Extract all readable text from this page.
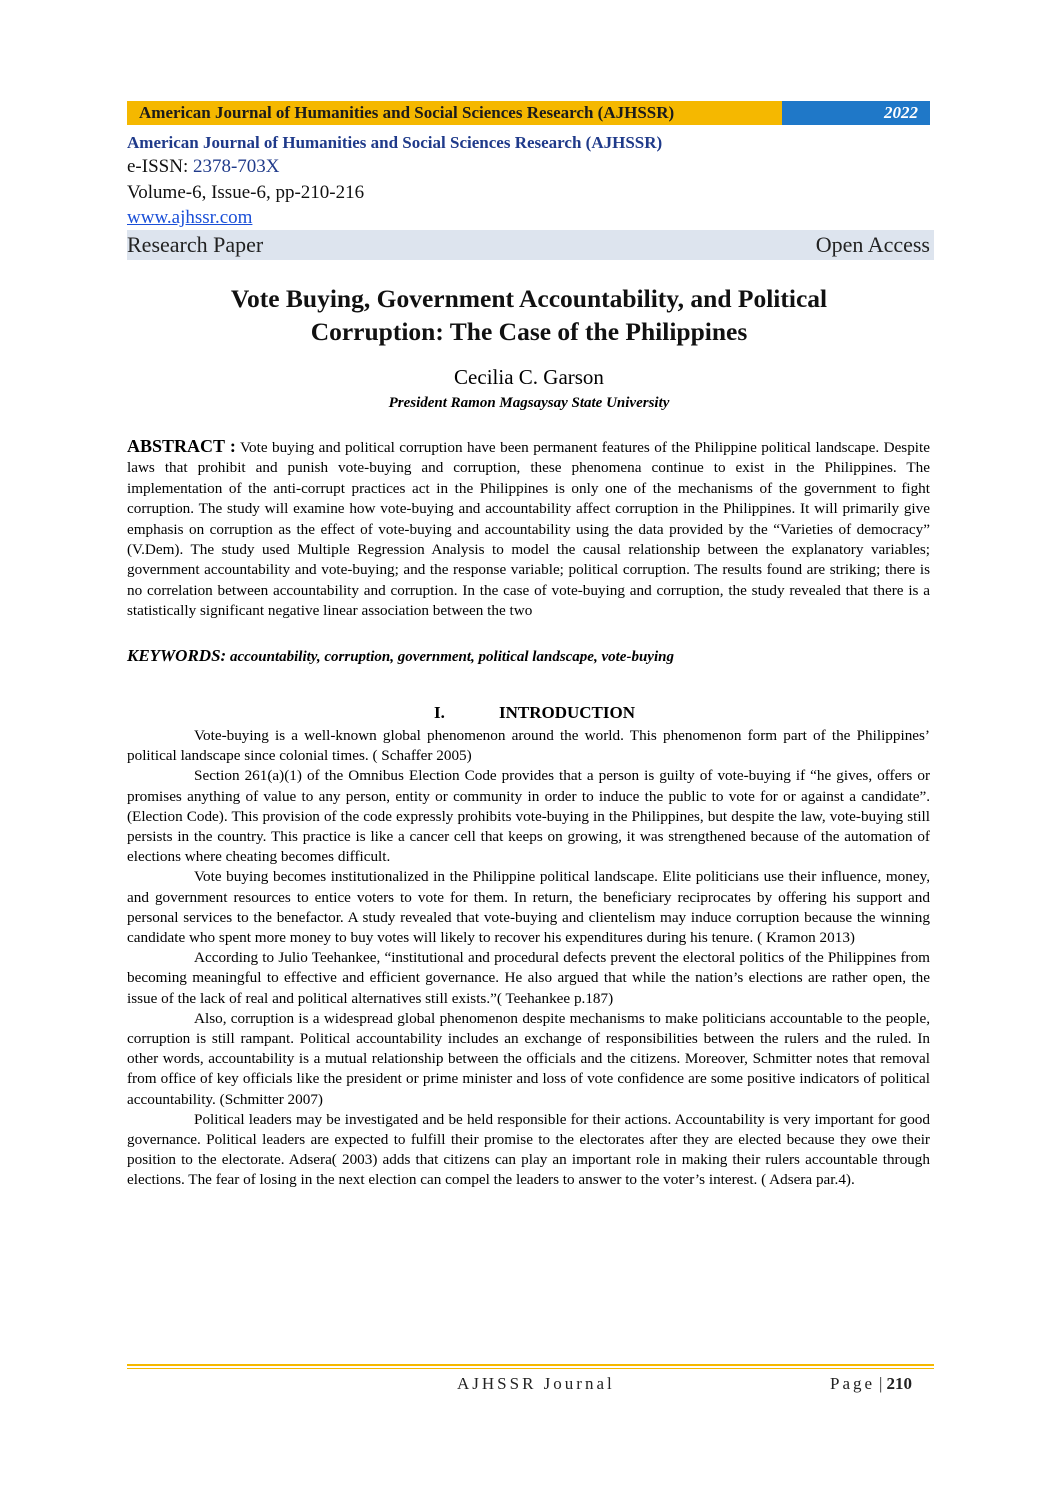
American Journal of Humanities and Social Sciences Research (AJHSSR)	2022
American Journal of Humanities and Social Sciences Research (AJHSSR)
e-ISSN: 2378-703X
Volume-6, Issue-6, pp-210-216
www.ajhssr.com
Research Paper	Open Access
Vote Buying, Government Accountability, and Political
Corruption: The Case of the Philippines
Cecilia C. Garson
President Ramon Magsaysay State University
ABSTRACT : Vote buying and political corruption have been permanent features of the Philippine political landscape. Despite laws that prohibit and punish vote-buying and corruption, these phenomena continue to exist in the Philippines. The implementation of the anti-corrupt practices act in the Philippines is only one of the mechanisms of the government to fight corruption. The study will examine how vote-buying and accountability affect corruption in the Philippines. It will primarily give emphasis on corruption as the effect of vote-buying and accountability using the data provided by the “Varieties of democracy” (V.Dem). The study used Multiple Regression Analysis to model the causal relationship between the explanatory variables; government accountability and vote-buying; and the response variable; political corruption. The results found are striking; there is no correlation between accountability and corruption. In the case of vote-buying and corruption, the study revealed that there is a statistically significant negative linear association between the two
KEYWORDS: accountability, corruption, government, political landscape, vote-buying
I.	INTRODUCTION

Vote-buying is a well-known global phenomenon around the world. This phenomenon form part of the Philippines’ political landscape since colonial times. ( Schaffer 2005)

Section 261(a)(1) of the Omnibus Election Code provides that a person is guilty of vote-buying if “he gives, offers or promises anything of value to any person, entity or community in order to induce the public to vote for or against a candidate”. (Election Code). This provision of the code expressly prohibits vote-buying in the Philippines, but despite the law, vote-buying still persists in the country. This practice is like a cancer cell that keeps on growing, it was strengthened because of the automation of elections where cheating becomes difficult.

Vote buying becomes institutionalized in the Philippine political landscape. Elite politicians use their influence, money, and government resources to entice voters to vote for them. In return, the beneficiary reciprocates by offering his support and personal services to the benefactor. A study revealed that vote-buying and clientelism may induce corruption because the winning candidate who spent more money to buy votes will likely to recover his expenditures during his tenure. ( Kramon 2013)

According to Julio Teehankee, “institutional and procedural defects prevent the electoral politics of the Philippines from becoming meaningful to effective and efficient governance. He also argued that while the nation’s elections are rather open, the issue of the lack of real and political alternatives still exists.”( Teehankee p.187)

Also, corruption is a widespread global phenomenon despite mechanisms to make politicians accountable to the people, corruption is still rampant. Political accountability includes an exchange of responsibilities between the rulers and the ruled. In other words, accountability is a mutual relationship between the officials and the citizens. Moreover, Schmitter notes that removal from office of key officials like the president or prime minister and loss of vote confidence are some positive indicators of political accountability. (Schmitter 2007)

Political leaders may be investigated and be held responsible for their actions. Accountability is very important for good governance. Political leaders are expected to fulfill their promise to the electorates after they are elected because they owe their position to the electorate. Adsera( 2003) adds that citizens can play an important role in making their rulers accountable through elections. The fear of losing in the next election can compel the leaders to answer to the voter’s interest. ( Adsera par.4).

AJHSSR Journal	Page | 210
